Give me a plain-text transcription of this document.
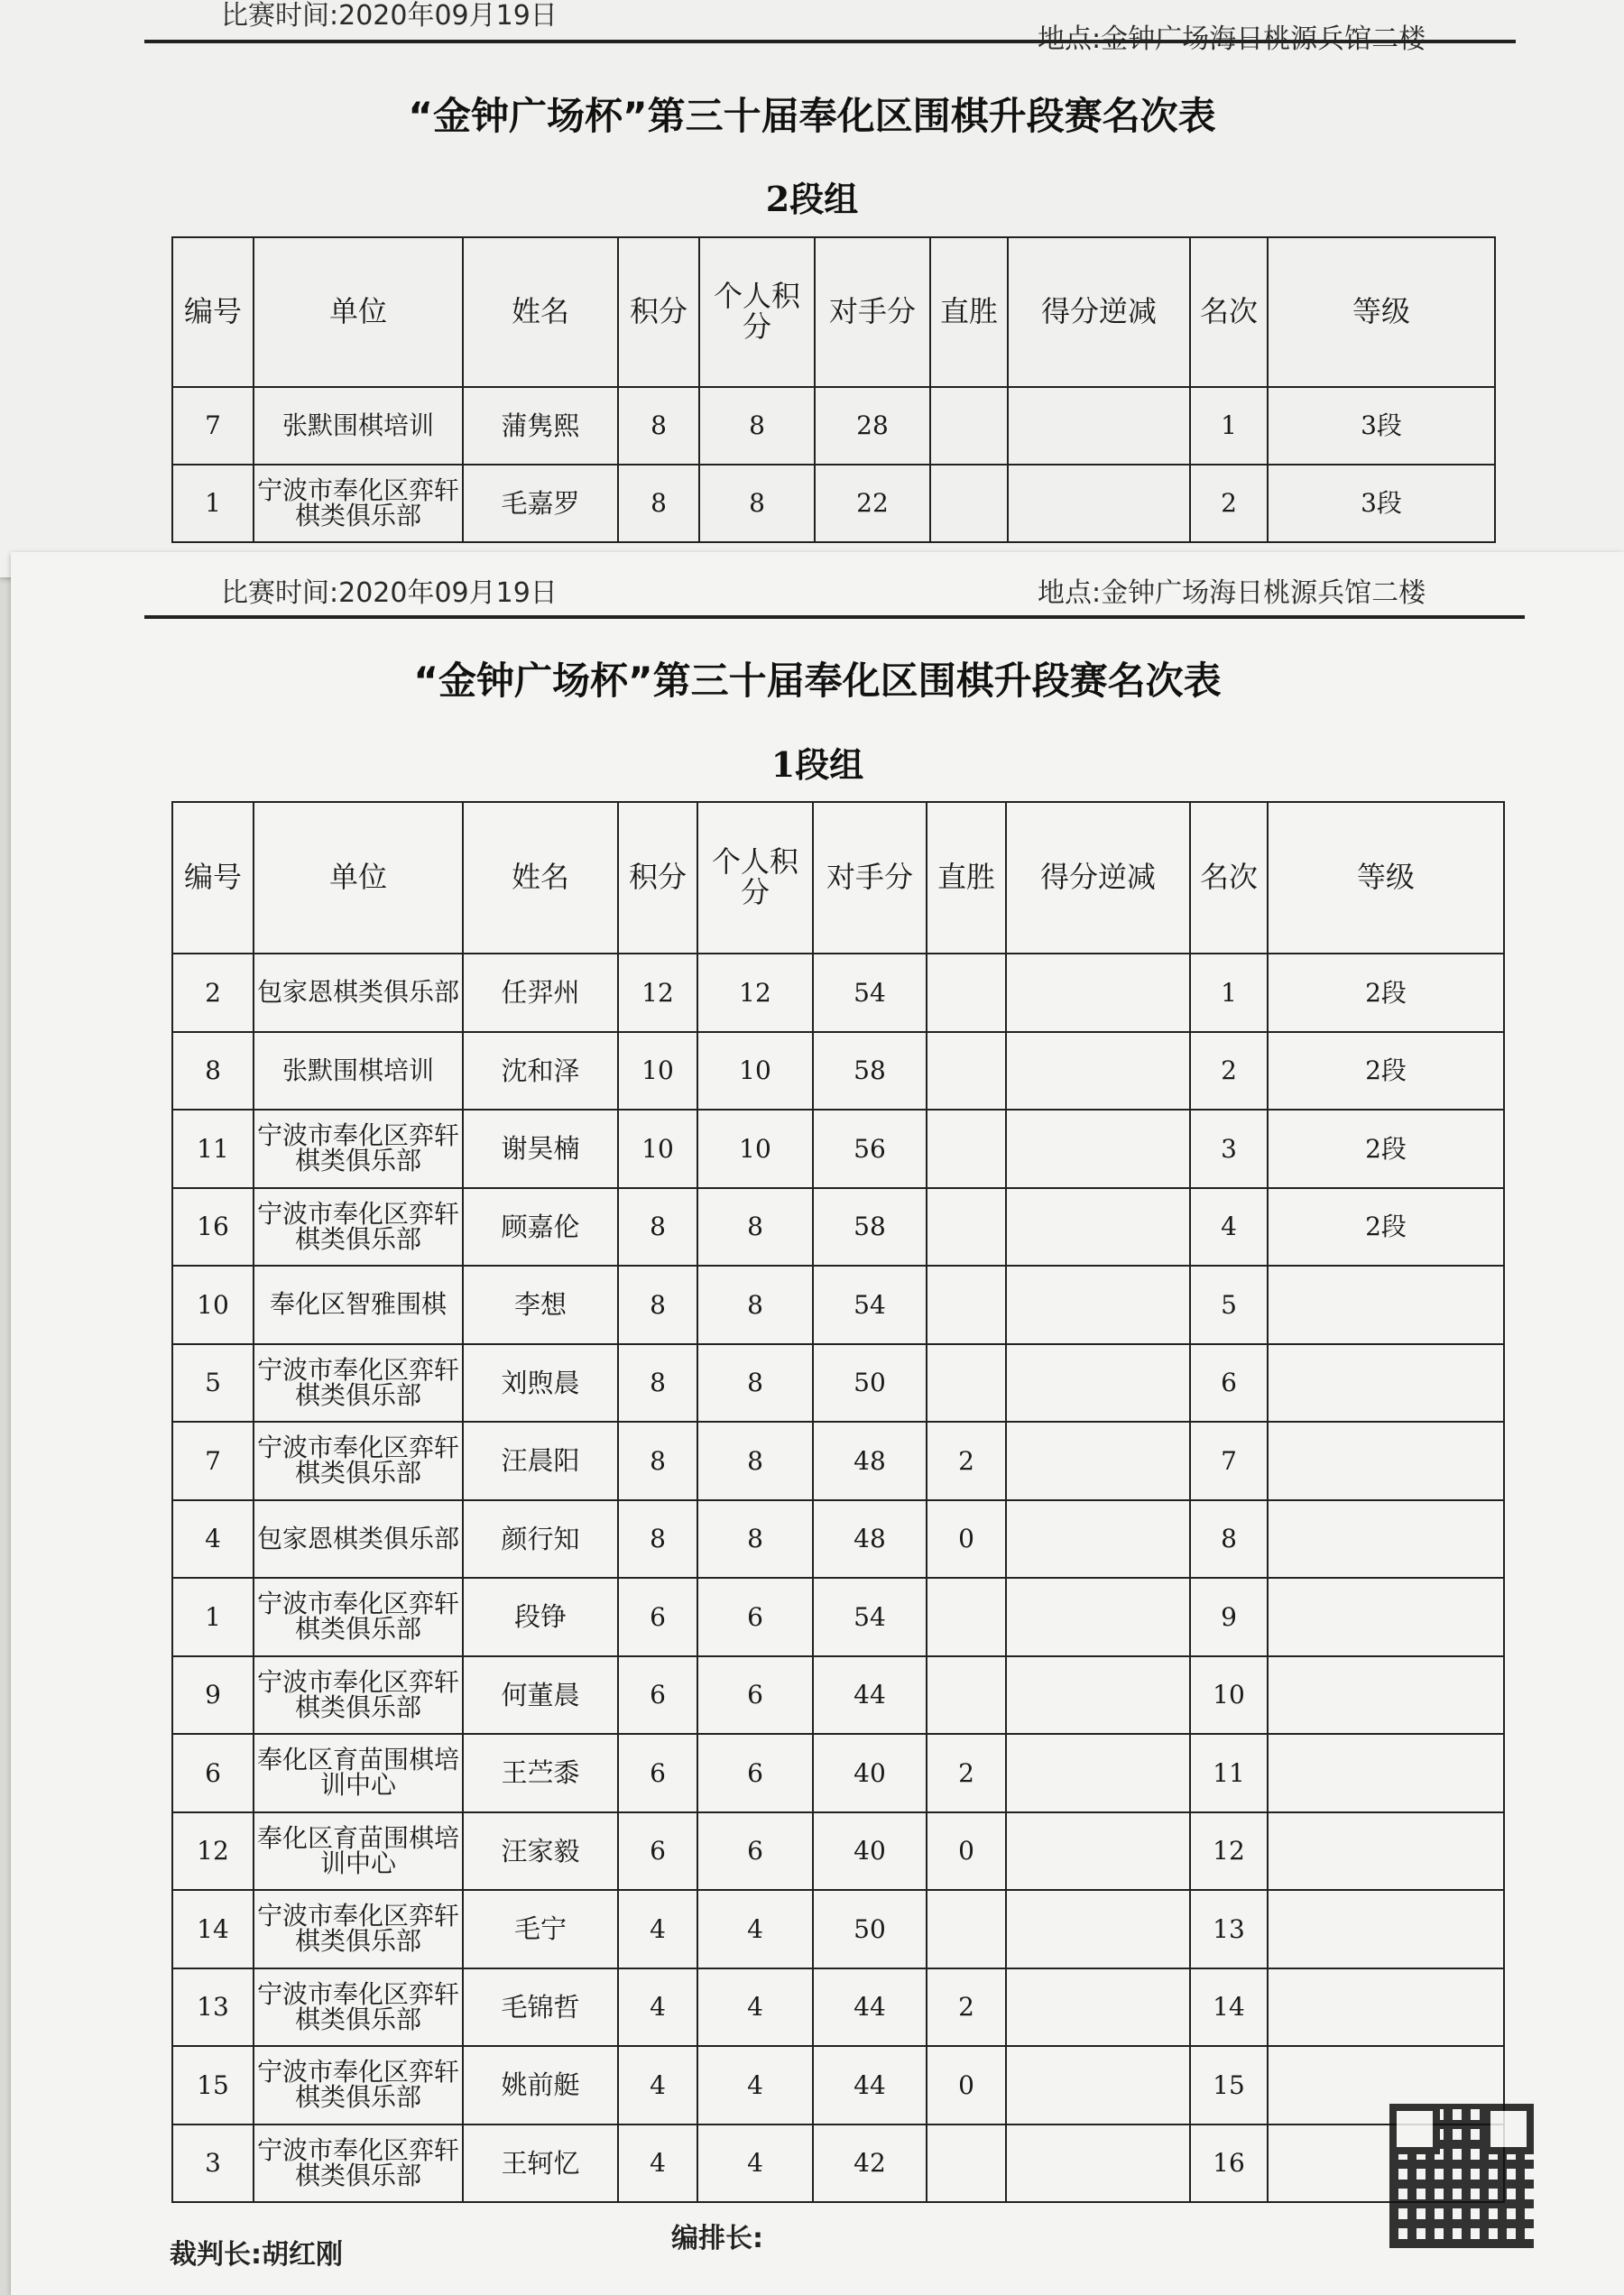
比赛时间:2020年09月19日
“金钟广场杯”第三十届奉化区围棋升段赛名次表
2段组
编号	单位	姓名	积分	个人积分	对手分	直胜	得分逆减	名次	等级
7	张默围棋培训	蒲隽熙	8	8	28			1	3段
1	宁波市奉化区弈轩棋类俱乐部	毛嘉罗	8	8	22			2	3段
比赛时间:2020年09月19日	地点:金钟广场海日桃源兵馆二楼
“金钟广场杯”第三十届奉化区围棋升段赛名次表
1段组
编号	单位	姓名	积分	个人积分	对手分	直胜	得分逆减	名次	等级
2	包家恩棋类俱乐部	任羿州	12	12	54			1	2段
8	张默围棋培训	沈和泽	10	10	58			2	2段
11	宁波市奉化区弈轩棋类俱乐部	谢昊楠	10	10	56			3	2段
16	宁波市奉化区弈轩棋类俱乐部	顾嘉伦	8	8	58			4	2段
10	奉化区智雅围棋	李想	8	8	54			5	
5	宁波市奉化区弈轩棋类俱乐部	刘煦晨	8	8	50			6	
7	宁波市奉化区弈轩棋类俱乐部	汪晨阳	8	8	48	2		7	
4	包家恩棋类俱乐部	颜行知	8	8	48	0		8	
1	宁波市奉化区弈轩棋类俱乐部	段铮	6	6	54			9	
9	宁波市奉化区弈轩棋类俱乐部	何董晨	6	6	44			10	
6	奉化区育苗围棋培训中心	王苎黍	6	6	40	2		11	
12	奉化区育苗围棋培训中心	汪家毅	6	6	40	0		12	
14	宁波市奉化区弈轩棋类俱乐部	毛宁	4	4	50			13	
13	宁波市奉化区弈轩棋类俱乐部	毛锦哲	4	4	44	2		14	
15	宁波市奉化区弈轩棋类俱乐部	姚前艇	4	4	44	0		15	
3	宁波市奉化区弈轩棋类俱乐部	王轲忆	4	4	42			16	
裁判长:胡红刚
编排长:
